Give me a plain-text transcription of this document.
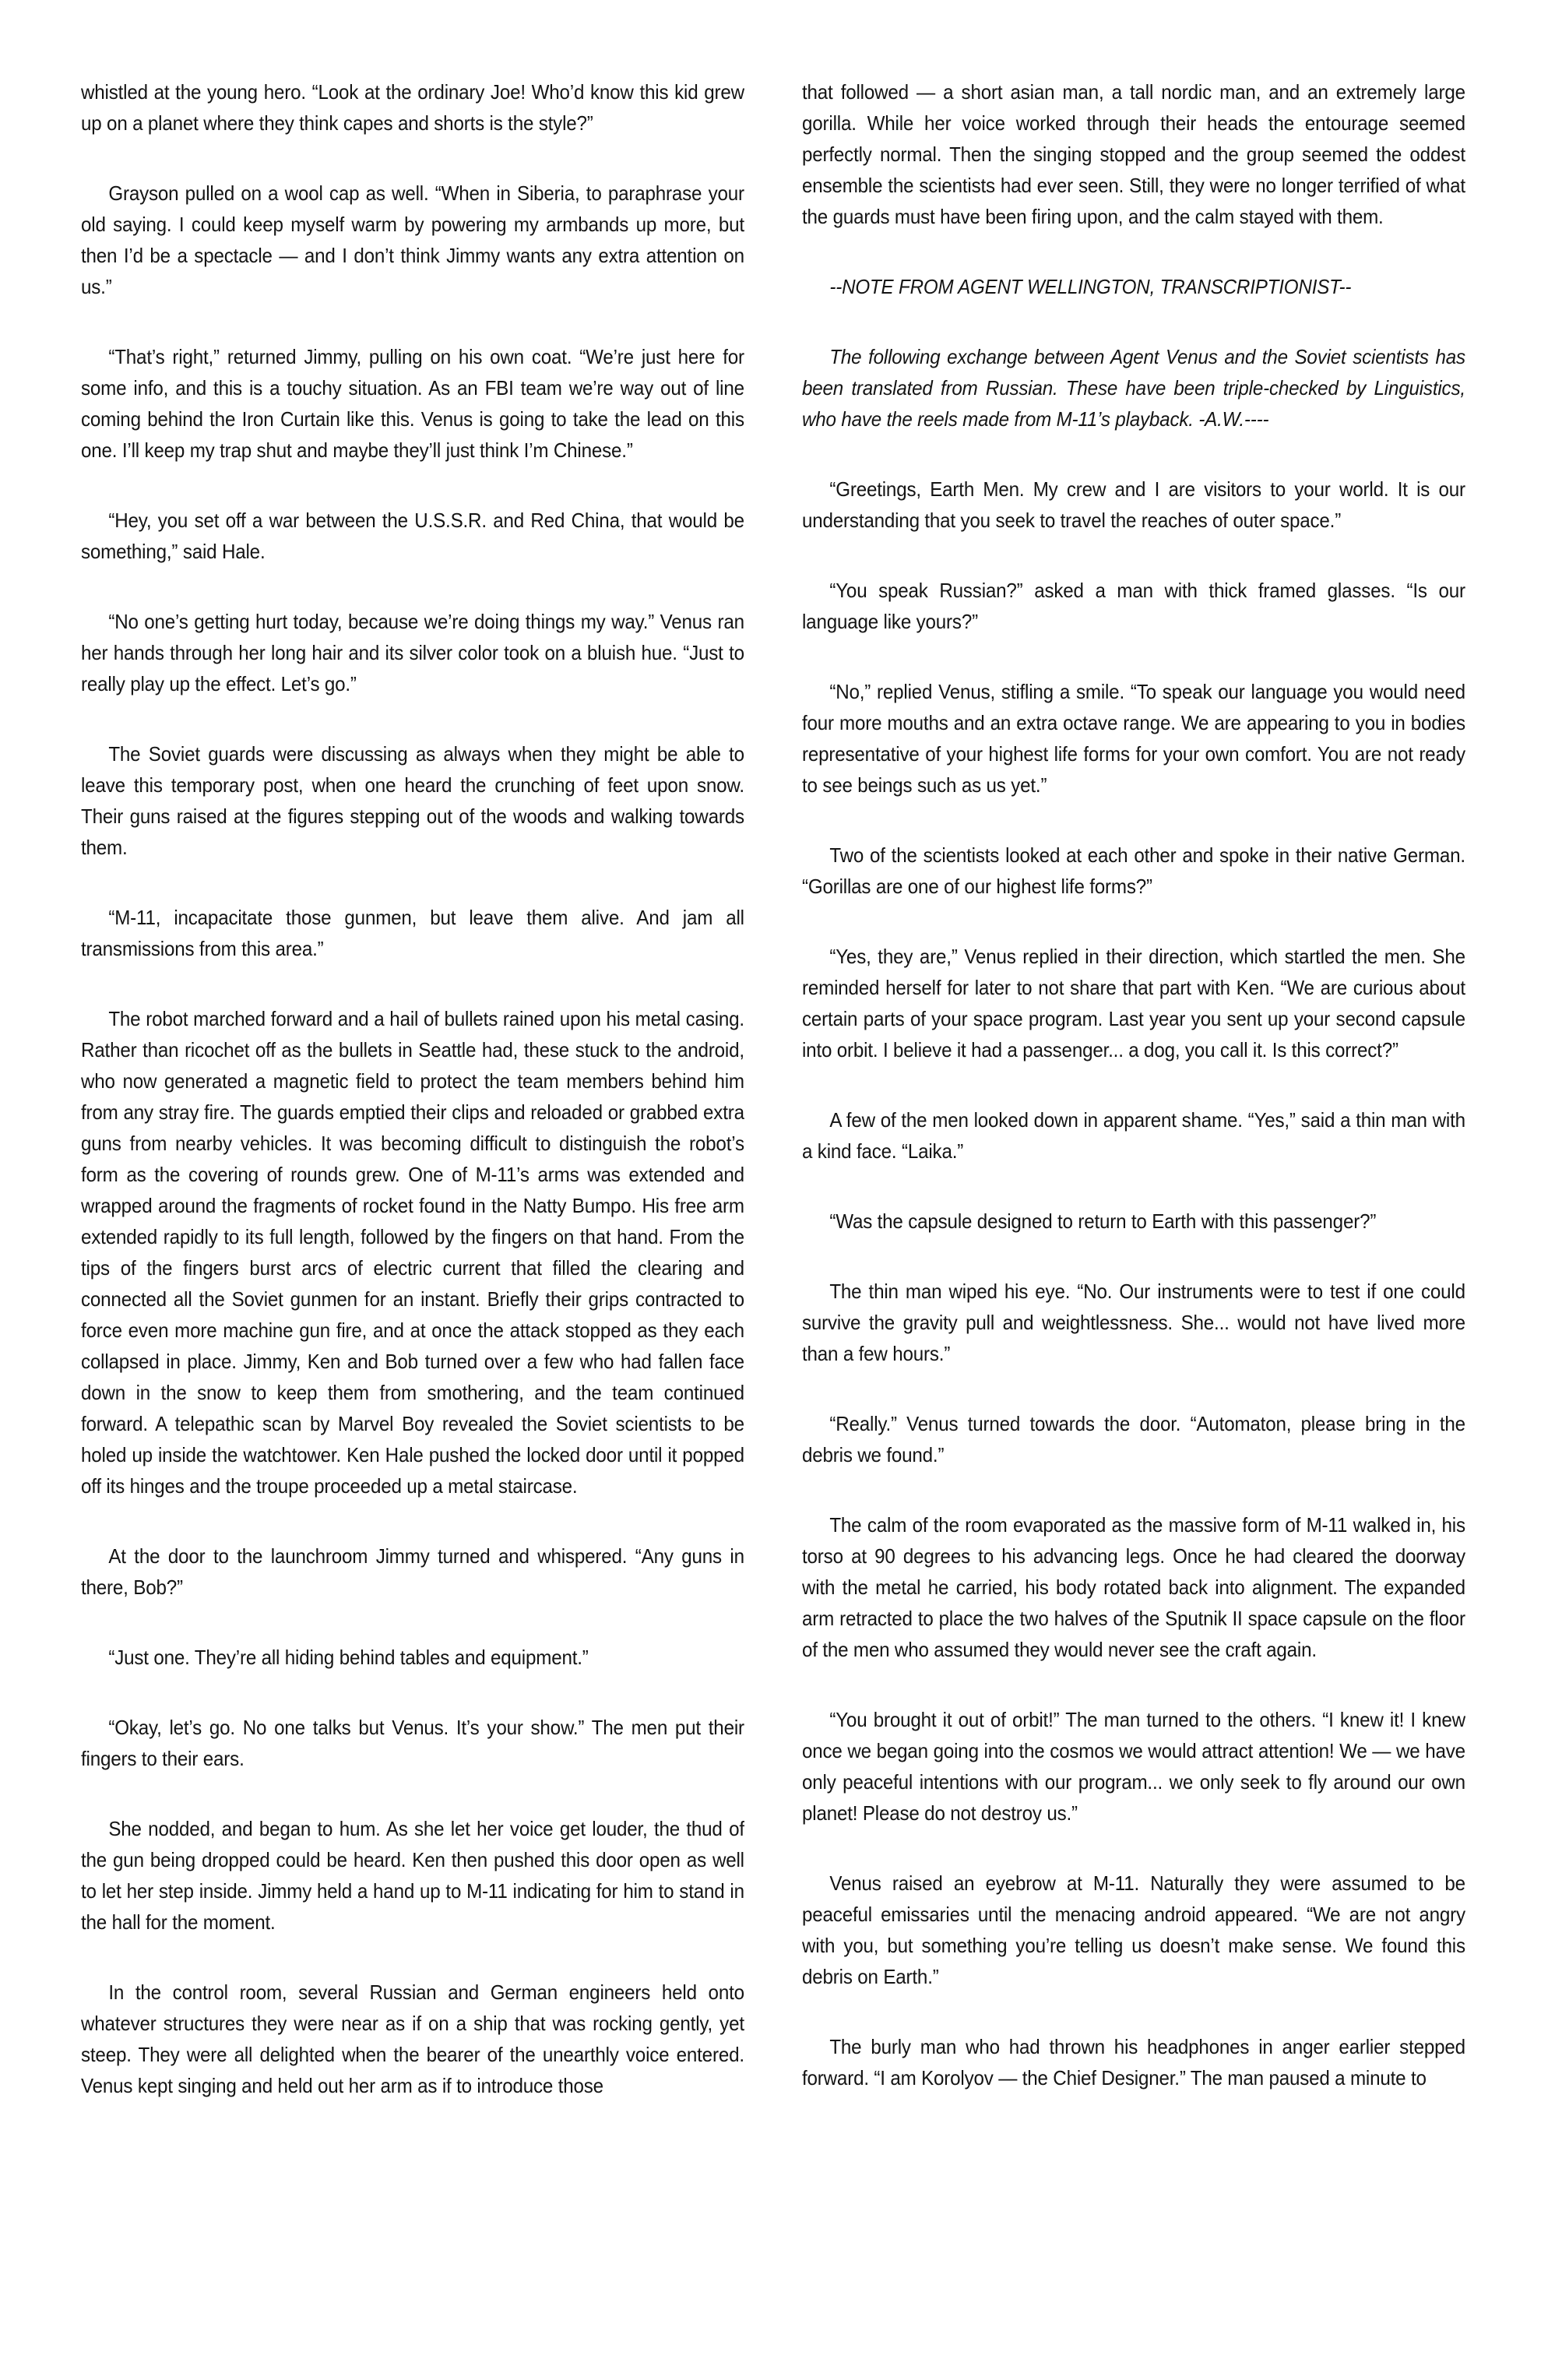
whistled at the young hero. “Look at the ordinary Joe! Who’d know this kid grew up on a planet where they think capes and shorts is the style?”

Grayson pulled on a wool cap as well. “When in Siberia, to paraphrase your old saying. I could keep myself warm by powering my armbands up more, but then I’d be a spectacle — and I don’t think Jimmy wants any extra attention on us.”

“That’s right,” returned Jimmy, pulling on his own coat. “We’re just here for some info, and this is a touchy situation. As an FBI team we’re way out of line coming behind the Iron Curtain like this. Venus is going to take the lead on this one. I’ll keep my trap shut and maybe they’ll just think I’m Chinese.”

“Hey, you set off a war between the U.S.S.R. and Red China, that would be something,” said Hale.

“No one’s getting hurt today, because we’re doing things my way.” Venus ran her hands through her long hair and its silver color took on a bluish hue. “Just to really play up the effect. Let’s go.”

The Soviet guards were discussing as always when they might be able to leave this temporary post, when one heard the crunching of feet upon snow. Their guns raised at the figures stepping out of the woods and walking towards them.

“M-11, incapacitate those gunmen, but leave them alive. And jam all transmissions from this area.”

The robot marched forward and a hail of bullets rained upon his metal casing. Rather than ricochet off as the bullets in Seattle had, these stuck to the android, who now generated a magnetic field to protect the team members behind him from any stray fire. The guards emptied their clips and reloaded or grabbed extra guns from nearby vehicles. It was becoming difficult to distinguish the robot’s form as the covering of rounds grew. One of M-11’s arms was extended and wrapped around the fragments of rocket found in the Natty Bumpo. His free arm extended rapidly to its full length, followed by the fingers on that hand. From the tips of the fingers burst arcs of electric current that filled the clearing and connected all the Soviet gunmen for an instant. Briefly their grips contracted to force even more machine gun fire, and at once the attack stopped as they each collapsed in place. Jimmy, Ken and Bob turned over a few who had fallen face down in the snow to keep them from smothering, and the team continued forward. A telepathic scan by Marvel Boy revealed the Soviet scientists to be holed up inside the watchtower. Ken Hale pushed the locked door until it popped off its hinges and the troupe proceeded up a metal staircase.

At the door to the launchroom Jimmy turned and whispered. “Any guns in there, Bob?”

“Just one. They’re all hiding behind tables and equipment.”

“Okay, let’s go. No one talks but Venus. It’s your show.” The men put their fingers to their ears.

She nodded, and began to hum. As she let her voice get louder, the thud of the gun being dropped could be heard. Ken then pushed this door open as well to let her step inside. Jimmy held a hand up to M-11 indicating for him to stand in the hall for the moment.

In the control room, several Russian and German engineers held onto whatever structures they were near as if on a ship that was rocking gently, yet steep. They were all delighted when the bearer of the unearthly voice entered. Venus kept singing and held out her arm as if to introduce those

that followed — a short asian man, a tall nordic man, and an extremely large gorilla. While her voice worked through their heads the entourage seemed perfectly normal. Then the singing stopped and the group seemed the oddest ensemble the scientists had ever seen. Still, they were no longer terrified of what the guards must have been firing upon, and the calm stayed with them.

--NOTE FROM AGENT WELLINGTON, TRANSCRIPTIONIST--

The following exchange between Agent Venus and the Soviet scientists has been translated from Russian. These have been triple-checked by Linguistics, who have the reels made from M-11’s playback. -A.W.----

“Greetings, Earth Men. My crew and I are visitors to your world. It is our understanding that you seek to travel the reaches of outer space.”

“You speak Russian?” asked a man with thick framed glasses. “Is our language like yours?”

“No,” replied Venus, stifling a smile. “To speak our language you would need four more mouths and an extra octave range. We are appearing to you in bodies representative of your highest life forms for your own comfort. You are not ready to see beings such as us yet.”

Two of the scientists looked at each other and spoke in their native German. “Gorillas are one of our highest life forms?”

“Yes, they are,” Venus replied in their direction, which startled the men. She reminded herself for later to not share that part with Ken. “We are curious about certain parts of your space program. Last year you sent up your second capsule into orbit. I believe it had a passenger... a dog, you call it. Is this correct?”

A few of the men looked down in apparent shame. “Yes,” said a thin man with a kind face. “Laika.”

“Was the capsule designed to return to Earth with this passenger?”

The thin man wiped his eye. “No. Our instruments were to test if one could survive the gravity pull and weightlessness. She... would not have lived more than a few hours.”

“Really.” Venus turned towards the door. “Automaton, please bring in the debris we found.”

The calm of the room evaporated as the massive form of M-11 walked in, his torso at 90 degrees to his advancing legs. Once he had cleared the doorway with the metal he carried, his body rotated back into alignment. The expanded arm retracted to place the two halves of the Sputnik II space capsule on the floor of the men who assumed they would never see the craft again.

“You brought it out of orbit!” The man turned to the others. “I knew it! I knew once we began going into the cosmos we would attract attention! We — we have only peaceful intentions with our program... we only seek to fly around our own planet! Please do not destroy us.”

Venus raised an eyebrow at M-11. Naturally they were assumed to be peaceful emissaries until the menacing android appeared. “We are not angry with you, but something you’re telling us doesn’t make sense. We found this debris on Earth.”

The burly man who had thrown his headphones in anger earlier stepped forward. “I am Korolyov — the Chief Designer.” The man paused a minute to
